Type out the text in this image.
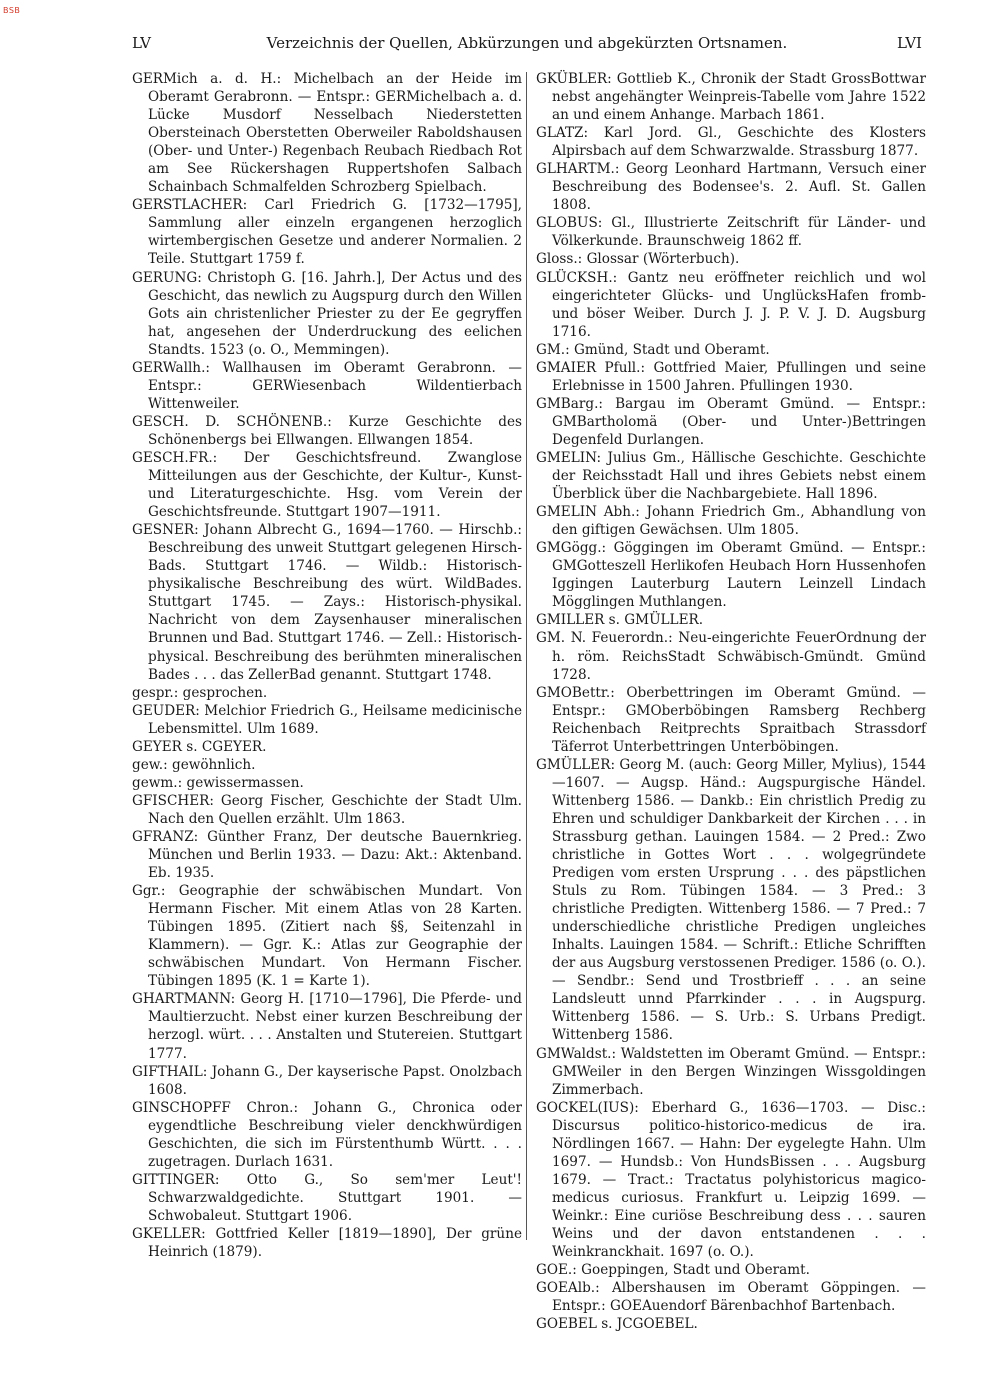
BSB
LV	Verzeichnis der Quellen, Abkürzungen und abgekürzten Ortsnamen.	LVI

GERMich a. d. H.: Michelbach an der Heide im Oberamt Gerabronn. — Entspr.: GERMichelbach a. d. Lücke Musdorf Nesselbach Niederstetten Obersteinach Oberstetten Oberweiler Raboldshausen (Ober- und Unter-) Regenbach Reubach Riedbach Rot am See Rückershagen Ruppertshofen Salbach Schainbach Schmalfelden Schrozberg Spielbach.

GERSTLACHER: Carl Friedrich G. [1732—1795], Sammlung aller einzeln ergangenen herzoglich wirtembergischen Gesetze und anderer Normalien. 2 Teile. Stuttgart 1759 f.

GERUNG: Christoph G. [16. Jahrh.], Der Actus und des Geschicht, das newlich zu Augspurg durch den Willen Gots ain christenlicher Priester zu der Ee gegryffen hat, angesehen der Underdruckung des eelichen Standts. 1523 (o. O., Memmingen).

GERWallh.: Wallhausen im Oberamt Gerabronn. — Entspr.: GERWiesenbach Wildentierbach Wittenweiler.

GESCH. D. SCHÖNENB.: Kurze Geschichte des Schönenbergs bei Ellwangen. Ellwangen 1854.

GESCH.FR.: Der Geschichtsfreund. Zwanglose Mitteilungen aus der Geschichte, der Kultur-, Kunst- und Literaturgeschichte. Hsg. vom Verein der Geschichtsfreunde. Stuttgart 1907—1911.

GESNER: Johann Albrecht G., 1694—1760. — Hirschb.: Beschreibung des unweit Stuttgart gelegenen Hirsch-Bads. Stuttgart 1746. — Wildb.: Historisch-physikalische Beschreibung des würt. WildBades. Stuttgart 1745. — Zays.: Historisch-physikal. Nachricht von dem Zaysenhauser mineralischen Brunnen und Bad. Stuttgart 1746. — Zell.: Historisch-physical. Beschreibung des berühmten mineralischen Bades . . . das ZellerBad genannt. Stuttgart 1748.

gespr.: gesprochen.

GEUDER: Melchior Friedrich G., Heilsame medicinische Lebensmittel. Ulm 1689.

GEYER s. CGEYER.

gew.: gewöhnlich.

gewm.: gewissermassen.

GFISCHER: Georg Fischer, Geschichte der Stadt Ulm. Nach den Quellen erzählt. Ulm 1863.

GFRANZ: Günther Franz, Der deutsche Bauernkrieg. München und Berlin 1933. — Dazu: Akt.: Aktenband. Eb. 1935.

Ggr.: Geographie der schwäbischen Mundart. Von Hermann Fischer. Mit einem Atlas von 28 Karten. Tübingen 1895. (Zitiert nach §§, Seitenzahl in Klammern). — Ggr. K.: Atlas zur Geographie der schwäbischen Mundart. Von Hermann Fischer. Tübingen 1895 (K. 1 = Karte 1).

GHARTMANN: Georg H. [1710—1796], Die Pferde- und Maultierzucht. Nebst einer kurzen Beschreibung der herzogl. würt. . . . Anstalten und Stutereien. Stuttgart 1777.

GIFTHAIL: Johann G., Der kayserische Papst. Onolzbach 1608.

GINSCHOPFF Chron.: Johann G., Chronica oder eygendtliche Beschreibung vieler denckhwürdigen Geschichten, die sich im Fürstenthumb Württ. . . . zugetragen. Durlach 1631.

GITTINGER: Otto G., So sem'mer Leut'! Schwarzwaldgedichte. Stuttgart 1901. — Schwobaleut. Stuttgart 1906.

GKELLER: Gottfried Keller [1819—1890], Der grüne Heinrich (1879).

GKÜBLER: Gottlieb K., Chronik der Stadt GrossBottwar nebst angehängter Weinpreis-Tabelle vom Jahre 1522 an und einem Anhange. Marbach 1861.

GLATZ: Karl Jord. Gl., Geschichte des Klosters Alpirsbach auf dem Schwarzwalde. Strassburg 1877.

GLHARTM.: Georg Leonhard Hartmann, Versuch einer Beschreibung des Bodensee's. 2. Aufl. St. Gallen 1808.

GLOBUS: Gl., Illustrierte Zeitschrift für Länder- und Völkerkunde. Braunschweig 1862 ff.

Gloss.: Glossar (Wörterbuch).

GLÜCKSH.: Gantz neu eröffneter reichlich und wol eingerichteter Glücks- und UnglücksHafen fromb- und böser Weiber. Durch J. J. P. V. J. D. Augsburg 1716.

GM.: Gmünd, Stadt und Oberamt.

GMAIER Pfull.: Gottfried Maier, Pfullingen und seine Erlebnisse in 1500 Jahren. Pfullingen 1930.

GMBarg.: Bargau im Oberamt Gmünd. — Entspr.: GMBartholomä (Ober- und Unter-)Bettringen Degenfeld Durlangen.

GMELIN: Julius Gm., Hällische Geschichte. Geschichte der Reichsstadt Hall und ihres Gebiets nebst einem Überblick über die Nachbargebiete. Hall 1896.

GMELIN Abh.: Johann Friedrich Gm., Abhandlung von den giftigen Gewächsen. Ulm 1805.

GMGögg.: Göggingen im Oberamt Gmünd. — Entspr.: GMGotteszell Herlikofen Heubach Horn Hussenhofen Iggingen Lauterburg Lautern Leinzell Lindach Mögglingen Muthlangen.

GMILLER s. GMÜLLER.

GM. N. Feuerordn.: Neu-eingerichte FeuerOrdnung der h. röm. ReichsStadt Schwäbisch-Gmündt. Gmünd 1728.

GMOBettr.: Oberbettringen im Oberamt Gmünd. — Entspr.: GMOberböbingen Ramsberg Rechberg Reichenbach Reitprechts Spraitbach Strassdorf Täferrot Unterbettringen Unterböbingen.

GMÜLLER: Georg M. (auch: Georg Miller, Mylius), 1544—1607. — Augsp. Händ.: Augspurgische Händel. Wittenberg 1586. — Dankb.: Ein christlich Predig zu Ehren und schuldiger Dankbarkeit der Kirchen . . . in Strassburg gethan. Lauingen 1584. — 2 Pred.: Zwo christliche in Gottes Wort . . . wolgegründete Predigen vom ersten Ursprung . . . des päpstlichen Stuls zu Rom. Tübingen 1584. — 3 Pred.: 3 christliche Predigten. Wittenberg 1586. — 7 Pred.: 7 underschiedliche christliche Predigen ungleiches Inhalts. Lauingen 1584. — Schrift.: Etliche Schrifften der aus Augsburg verstossenen Prediger. 1586 (o. O.). — Sendbr.: Send und Trostbrieff . . . an seine Landsleutt unnd Pfarrkinder . . . in Augspurg. Wittenberg 1586. — S. Urb.: S. Urbans Predigt. Wittenberg 1586.

GMWaldst.: Waldstetten im Oberamt Gmünd. — Entspr.: GMWeiler in den Bergen Winzingen Wissgoldingen Zimmerbach.

GOCKEL(IUS): Eberhard G., 1636—1703. — Disc.: Discursus politico-historico-medicus de ira. Nördlingen 1667. — Hahn: Der eygelegte Hahn. Ulm 1697. — Hundsb.: Von HundsBissen . . . Augsburg 1679. — Tract.: Tractatus polyhistoricus magico-medicus curiosus. Frankfurt u. Leipzig 1699. — Weinkr.: Eine curiöse Beschreibung dess . . . sauren Weins und der davon entstandenen . . . Weinkranckhait. 1697 (o. O.).

GOE.: Goeppingen, Stadt und Oberamt.

GOEAlb.: Albershausen im Oberamt Göppingen. — Entspr.: GOEAuendorf Bärenbachhof Bartenbach.

GOEBEL s. JCGOEBEL.
